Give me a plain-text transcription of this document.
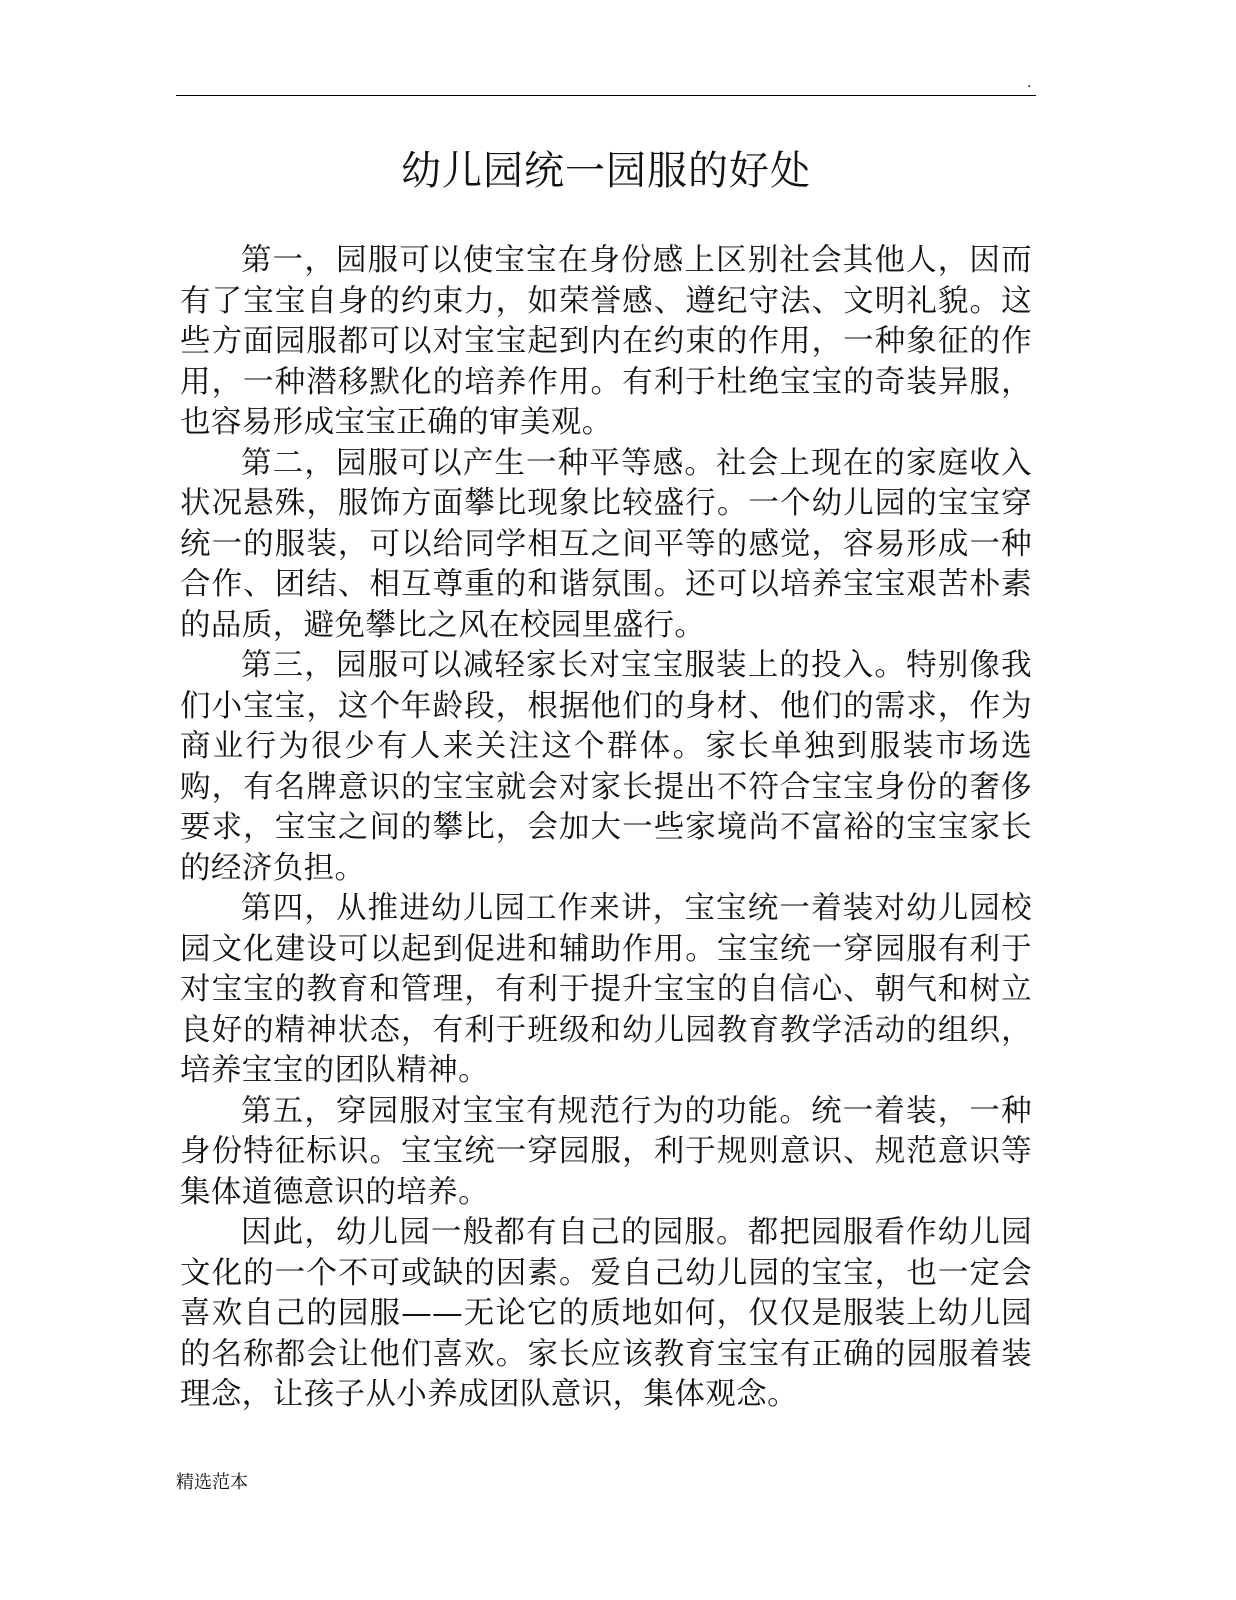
.
幼儿园统一园服的好处

第一，园服可以使宝宝在身份感上区别社会其他人，因而有了宝宝自身的约束力，如荣誉感、遵纪守法、文明礼貌。这些方面园服都可以对宝宝起到内在约束的作用，一种象征的作用，一种潜移默化的培养作用。有利于杜绝宝宝的奇装异服，也容易形成宝宝正确的审美观。

第二，园服可以产生一种平等感。社会上现在的家庭收入状况悬殊，服饰方面攀比现象比较盛行。一个幼儿园的宝宝穿统一的服装，可以给同学相互之间平等的感觉，容易形成一种合作、团结、相互尊重的和谐氛围。还可以培养宝宝艰苦朴素的品质，避免攀比之风在校园里盛行。

第三，园服可以减轻家长对宝宝服装上的投入。特别像我们小宝宝，这个年龄段，根据他们的身材、他们的需求，作为商业行为很少有人来关注这个群体。家长单独到服装市场选购，有名牌意识的宝宝就会对家长提出不符合宝宝身份的奢侈要求，宝宝之间的攀比，会加大一些家境尚不富裕的宝宝家长的经济负担。

第四，从推进幼儿园工作来讲，宝宝统一着装对幼儿园校园文化建设可以起到促进和辅助作用。宝宝统一穿园服有利于对宝宝的教育和管理，有利于提升宝宝的自信心、朝气和树立良好的精神状态，有利于班级和幼儿园教育教学活动的组织，培养宝宝的团队精神。

第五，穿园服对宝宝有规范行为的功能。统一着装，一种身份特征标识。宝宝统一穿园服，利于规则意识、规范意识等集体道德意识的培养。

因此，幼儿园一般都有自己的园服。都把园服看作幼儿园文化的一个不可或缺的因素。爱自己幼儿园的宝宝，也一定会喜欢自己的园服——无论它的质地如何，仅仅是服装上幼儿园的名称都会让他们喜欢。家长应该教育宝宝有正确的园服着装理念，让孩子从小养成团队意识，集体观念。

精选范本
